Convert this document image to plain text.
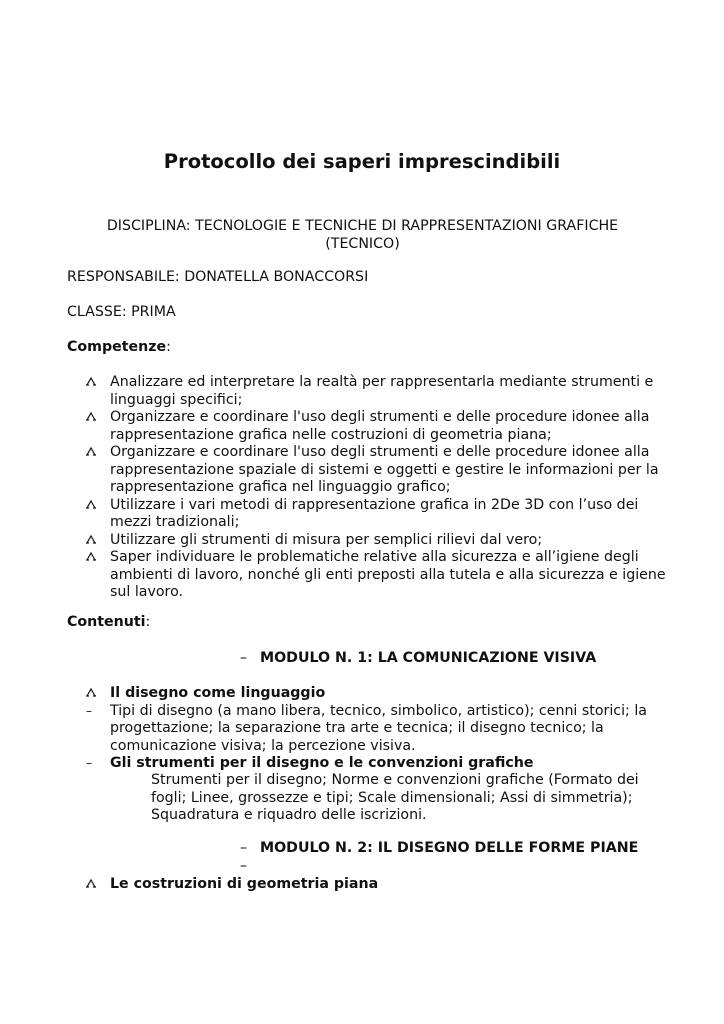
Protocollo dei saperi imprescindibili
DISCIPLINA: TECNOLOGIE E TECNICHE DI RAPPRESENTAZIONI GRAFICHE (TECNICO)
RESPONSABILE: DONATELLA BONACCORSI
CLASSE: PRIMA
Competenze:
Analizzare ed interpretare la realtà per rappresentarla mediante strumenti e linguaggi specifici;
Organizzare e coordinare l'uso degli strumenti e delle procedure idonee alla rappresentazione grafica nelle costruzioni di geometria piana;
Organizzare e coordinare l'uso degli strumenti e delle procedure idonee alla rappresentazione spaziale di sistemi e oggetti e gestire le informazioni per la rappresentazione grafica nel linguaggio grafico;
Utilizzare i vari metodi di rappresentazione grafica in 2De 3D con l’uso dei mezzi tradizionali;
Utilizzare gli strumenti di misura per semplici rilievi dal vero;
Saper individuare le problematiche relative alla sicurezza e all’igiene degli ambienti di lavoro, nonché gli enti preposti alla tutela e alla sicurezza e igiene sul lavoro.
Contenuti:
– MODULO N. 1: LA COMUNICAZIONE VISIVA
Il disegno come linguaggio
–	Tipi di disegno (a mano libera, tecnico, simbolico, artistico); cenni storici; la progettazione; la separazione tra arte e tecnica; il disegno tecnico; la comunicazione visiva; la percezione visiva.
–	Gli strumenti per il disegno e le convenzioni grafiche
Strumenti per il disegno; Norme e convenzioni grafiche (Formato dei fogli; Linee, grossezze e tipi; Scale dimensionali; Assi di simmetria); Squadratura e riquadro delle iscrizioni.
– MODULO N. 2: IL DISEGNO DELLE FORME PIANE
–
Le costruzioni di geometria piana
